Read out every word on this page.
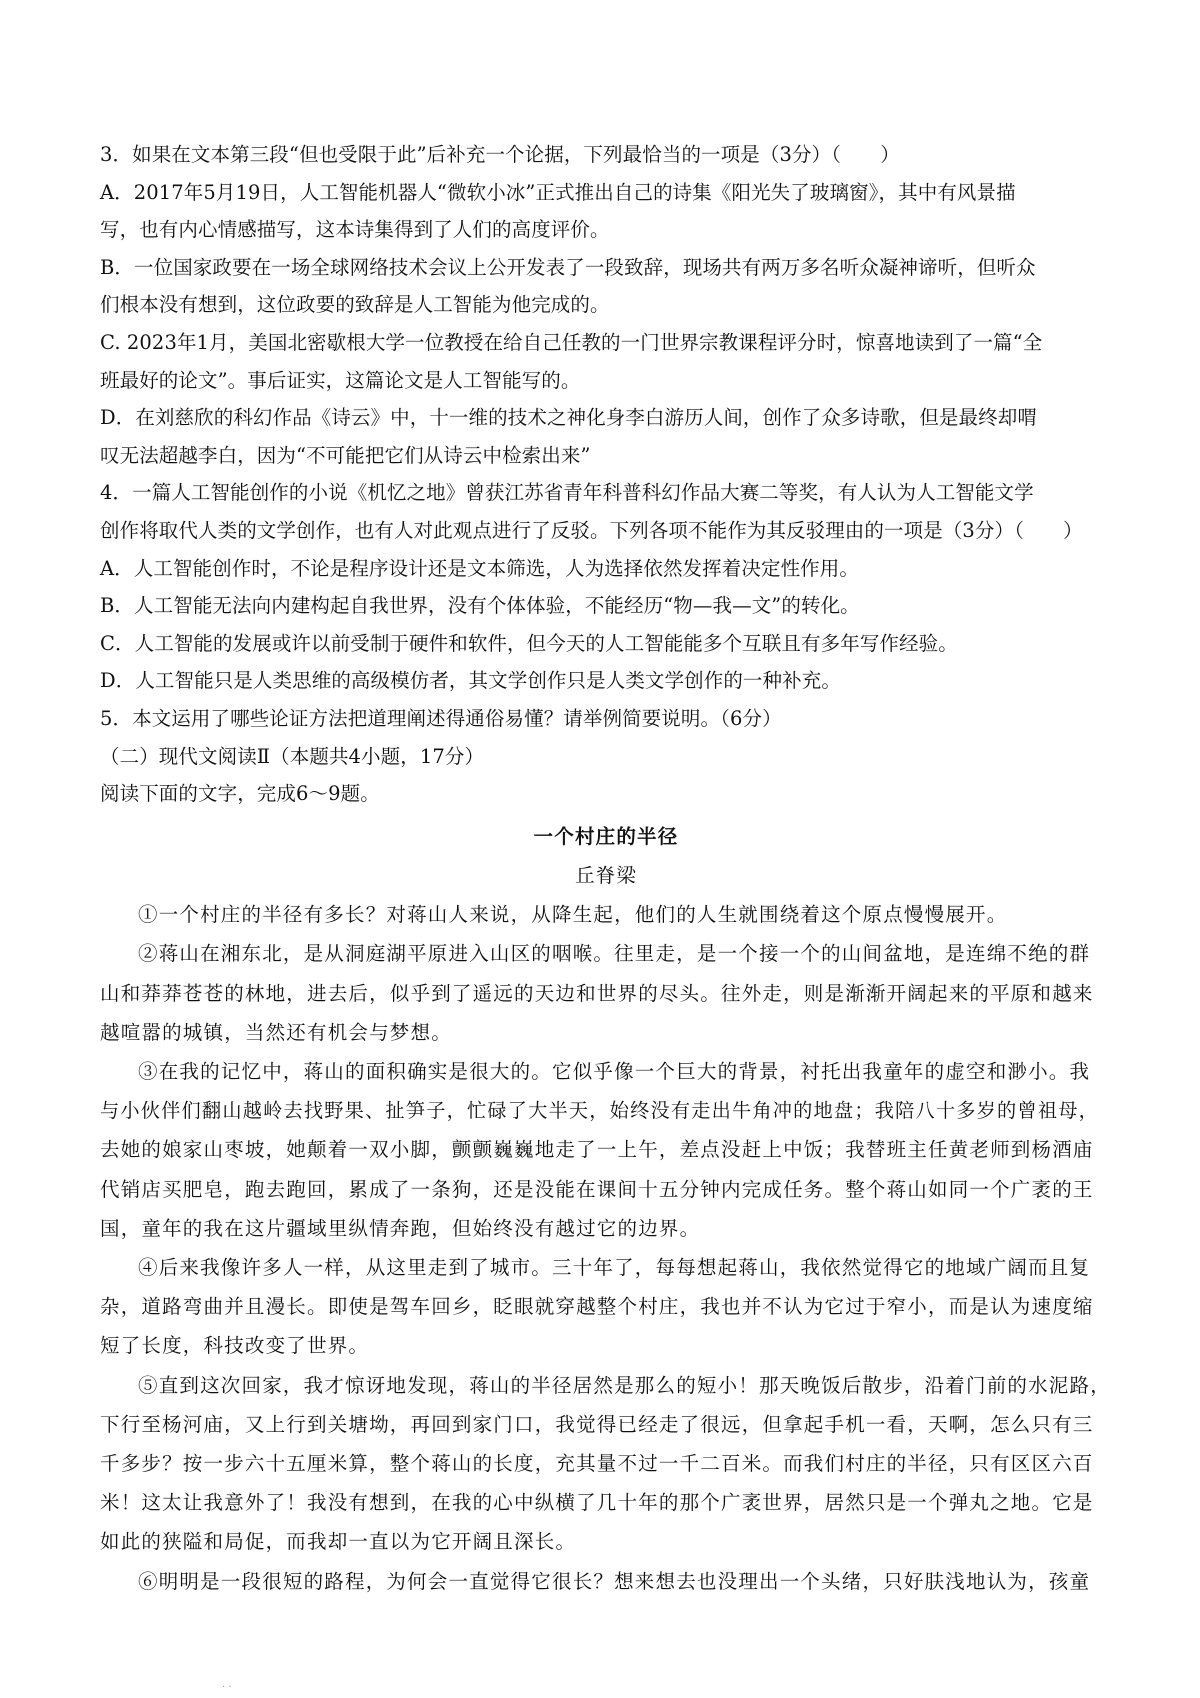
3．如果在文本第三段“但也受限于此”后补充一个论据，下列最恰当的一项是（3分）（　　）
A．2017年5月19日，人工智能机器人“微软小冰”正式推出自己的诗集《阳光失了玻璃窗》，其中有风景描
写，也有内心情感描写，这本诗集得到了人们的高度评价。
B．一位国家政要在一场全球网络技术会议上公开发表了一段致辞，现场共有两万多名听众凝神谛听，但听众
们根本没有想到，这位政要的致辞是人工智能为他完成的。
C. 2023年1月，美国北密歇根大学一位教授在给自己任教的一门世界宗教课程评分时，惊喜地读到了一篇“全
班最好的论文”。事后证实，这篇论文是人工智能写的。
D．在刘慈欣的科幻作品《诗云》中，十一维的技术之神化身李白游历人间，创作了众多诗歌，但是最终却喟
叹无法超越李白，因为“不可能把它们从诗云中检索出来”
4．一篇人工智能创作的小说《机忆之地》曾获江苏省青年科普科幻作品大赛二等奖，有人认为人工智能文学
创作将取代人类的文学创作，也有人对此观点进行了反驳。下列各项不能作为其反驳理由的一项是（3分）（　　）
A．人工智能创作时，不论是程序设计还是文本筛选，人为选择依然发挥着决定性作用。
B．人工智能无法向内建构起自我世界，没有个体体验，不能经历“物—我—文”的转化。
C．人工智能的发展或许以前受制于硬件和软件，但今天的人工智能能多个互联且有多年写作经验。
D．人工智能只是人类思维的高级模仿者，其文学创作只是人类文学创作的一种补充。
5．本文运用了哪些论证方法把道理阐述得通俗易懂？请举例简要说明。（6分）
（二）现代文阅读Ⅱ（本题共4小题，17分）
阅读下面的文字，完成6～9题。
一个村庄的半径
丘脊梁
①一个村庄的半径有多长？对蒋山人来说，从降生起，他们的人生就围绕着这个原点慢慢展开。
②蒋山在湘东北，是从洞庭湖平原进入山区的咽喉。往里走，是一个接一个的山间盆地，是连绵不绝的群
山和莽莽苍苍的林地，进去后，似乎到了遥远的天边和世界的尽头。往外走，则是渐渐开阔起来的平原和越来
越喧嚣的城镇，当然还有机会与梦想。
③在我的记忆中，蒋山的面积确实是很大的。它似乎像一个巨大的背景，衬托出我童年的虚空和渺小。我
与小伙伴们翻山越岭去找野果、扯笋子，忙碌了大半天，始终没有走出牛角冲的地盘；我陪八十多岁的曾祖母，
去她的娘家山枣坡，她颠着一双小脚，颤颤巍巍地走了一上午，差点没赶上中饭；我替班主任黄老师到杨酒庙
代销店买肥皂，跑去跑回，累成了一条狗，还是没能在课间十五分钟内完成任务。整个蒋山如同一个广袤的王
国，童年的我在这片疆域里纵情奔跑，但始终没有越过它的边界。
④后来我像许多人一样，从这里走到了城市。三十年了，每每想起蒋山，我依然觉得它的地域广阔而且复
杂，道路弯曲并且漫长。即使是驾车回乡，眨眼就穿越整个村庄，我也并不认为它过于窄小，而是认为速度缩
短了长度，科技改变了世界。
⑤直到这次回家，我才惊讶地发现，蒋山的半径居然是那么的短小！那天晚饭后散步，沿着门前的水泥路，
下行至杨河庙，又上行到关塘坳，再回到家门口，我觉得已经走了很远，但拿起手机一看，天啊，怎么只有三
千多步？按一步六十五厘米算，整个蒋山的长度，充其量不过一千二百米。而我们村庄的半径，只有区区六百
米！这太让我意外了！我没有想到，在我的心中纵横了几十年的那个广袤世界，居然只是一个弹丸之地。它是
如此的狭隘和局促，而我却一直以为它开阔且深长。
⑥明明是一段很短的路程，为何会一直觉得它很长？想来想去也没理出一个头绪，只好肤浅地认为，孩童
. .
